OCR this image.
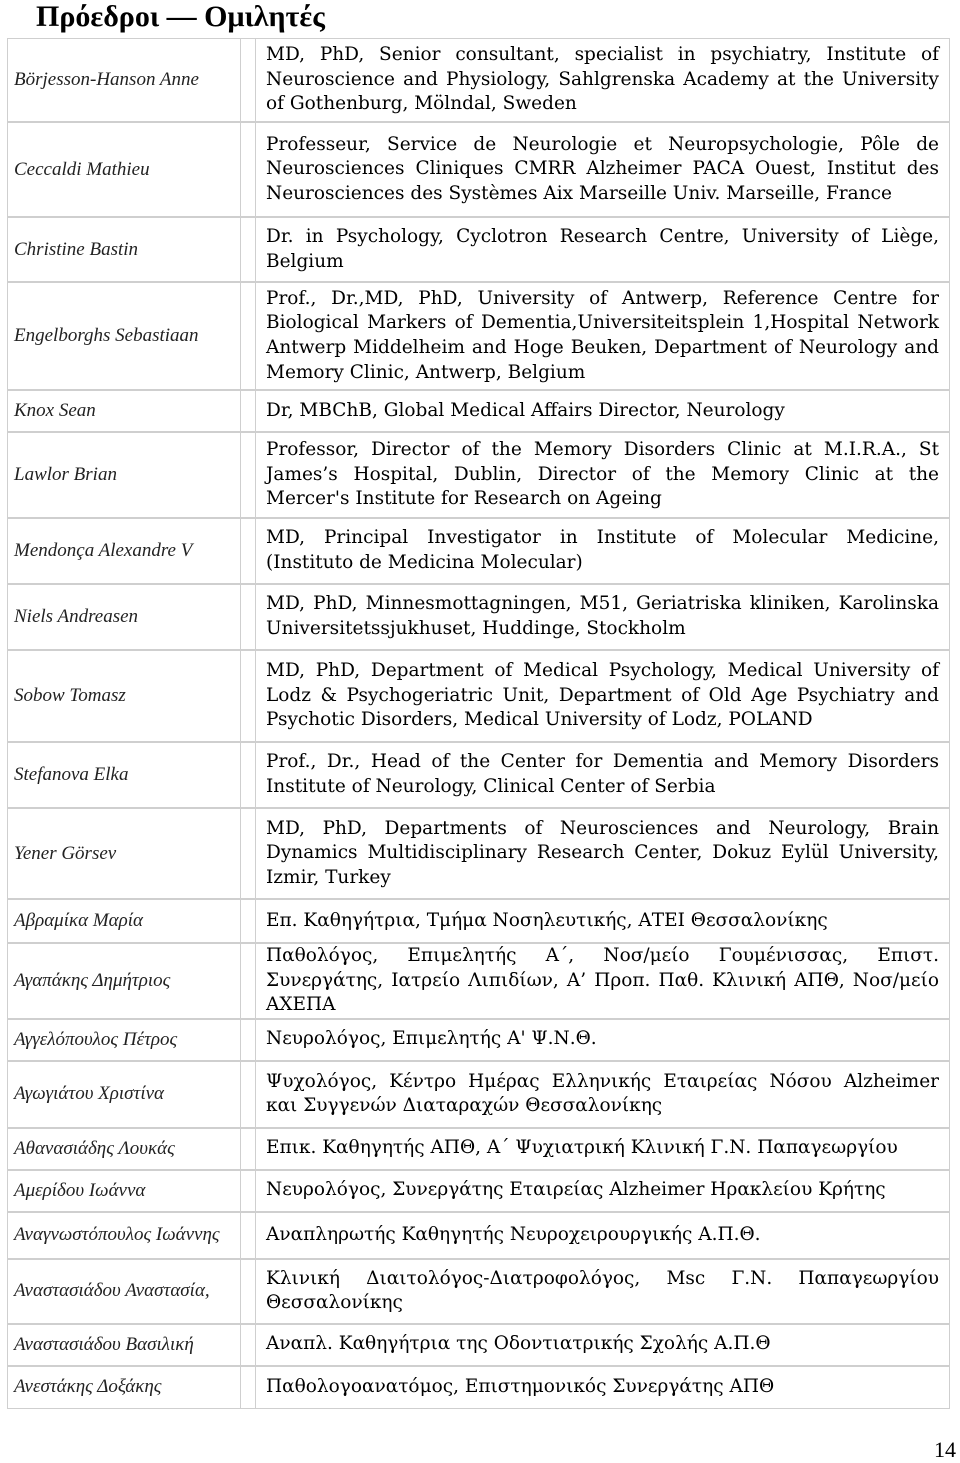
Πρόεδροι — Ομιλητές
Börjesson-Hanson Anne		MD, PhD, Senior consultant, specialist in psychiatry, Institute of Neuroscience and Physiology, Sahlgrenska Academy at the University of Gothenburg, Mölndal, Sweden
Ceccaldi Mathieu		Professeur, Service de Neurologie et Neuropsychologie, Pôle de Neurosciences Cliniques CMRR Alzheimer PACA Ouest, Institut des Neurosciences des Systèmes Aix Marseille Univ. Marseille, France
Christine Bastin		Dr. in Psychology, Cyclotron Research Centre, University of Liège, Belgium
Engelborghs Sebastiaan		Prof., Dr.,MD, PhD, University of Antwerp, Reference Centre for Biological Markers of Dementia,Universiteitsplein 1,Hospital Network Antwerp Middelheim and Hoge Beuken, Department of Neurology and Memory Clinic, Antwerp, Belgium
Knox Sean		Dr, MBChB, Global Medical Affairs Director, Neurology
Lawlor Brian		Professor, Director of the Memory Disorders Clinic at M.I.R.A., St James’s Hospital, Dublin, Director of the Memory Clinic at the Mercer's Institute for Research on Ageing
Mendonça Alexandre V		MD, Principal Investigator in Institute of Molecular Medicine, (Instituto de Medicina Molecular)
Niels Andreasen		MD, PhD, Minnesmottagningen, M51, Geriatriska kliniken, Karolinska Universitetssjukhuset, Huddinge, Stockholm
Sobow Tomasz		MD, PhD, Department of Medical Psychology, Medical University of Lodz & Psychogeriatric Unit, Department of Old Age Psychiatry and Psychotic Disorders, Medical University of Lodz, POLAND
Stefanova Elka		Prof., Dr., Head of the Center for Dementia and Memory Disorders Institute of Neurology, Clinical Center of Serbia
Yener Görsev		MD, PhD, Departments of Neurosciences and Neurology, Brain Dynamics Multidisciplinary Research Center, Dokuz Eylül University, Izmir, Turkey
Αβραμίκα Μαρία		Επ. Καθηγήτρια, Τμήμα Νοσηλευτικής, ΑΤΕΙ Θεσσαλονίκης
Αγαπάκης Δημήτριος		Παθολόγος, Επιμελητής Α΄, Νοσ/μείο Γουμένισσας, Επιστ. Συνεργάτης, Ιατρείο Λιπιδίων, Α’ Προπ. Παθ. Κλινική ΑΠΘ, Νοσ/μείο ΑΧΕΠΑ
Αγγελόπουλος Πέτρος		Νευρολόγος, Επιμελητής Α' Ψ.Ν.Θ.
Αγωγιάτου Χριστίνα		Ψυχολόγος, Κέντρο Ημέρας Ελληνικής Εταιρείας Νόσου Alzheimer και Συγγενών Διαταραχών Θεσσαλονίκης
Αθανασιάδης Λουκάς		Επικ. Καθηγητής ΑΠΘ, Α΄ Ψυχιατρική Κλινική Γ.Ν. Παπαγεωργίου
Αμερίδου Ιωάννα		Νευρολόγος, Συνεργάτης Εταιρείας Alzheimer Ηρακλείου Κρήτης
Αναγνωστόπουλος Ιωάννης		Αναπληρωτής Καθηγητής Νευροχειρουργικής Α.Π.Θ.
Αναστασιάδου Αναστασία,		Κλινική Διαιτολόγος-Διατροφολόγος, Msc Γ.Ν. Παπαγεωργίου Θεσσαλονίκης
Αναστασιάδου Βασιλική		Αναπλ. Καθηγήτρια της Οδοντιατρικής Σχολής Α.Π.Θ
Ανεστάκης Δοξάκης		Παθολογοανατόμος, Επιστημονικός Συνεργάτης ΑΠΘ
14
